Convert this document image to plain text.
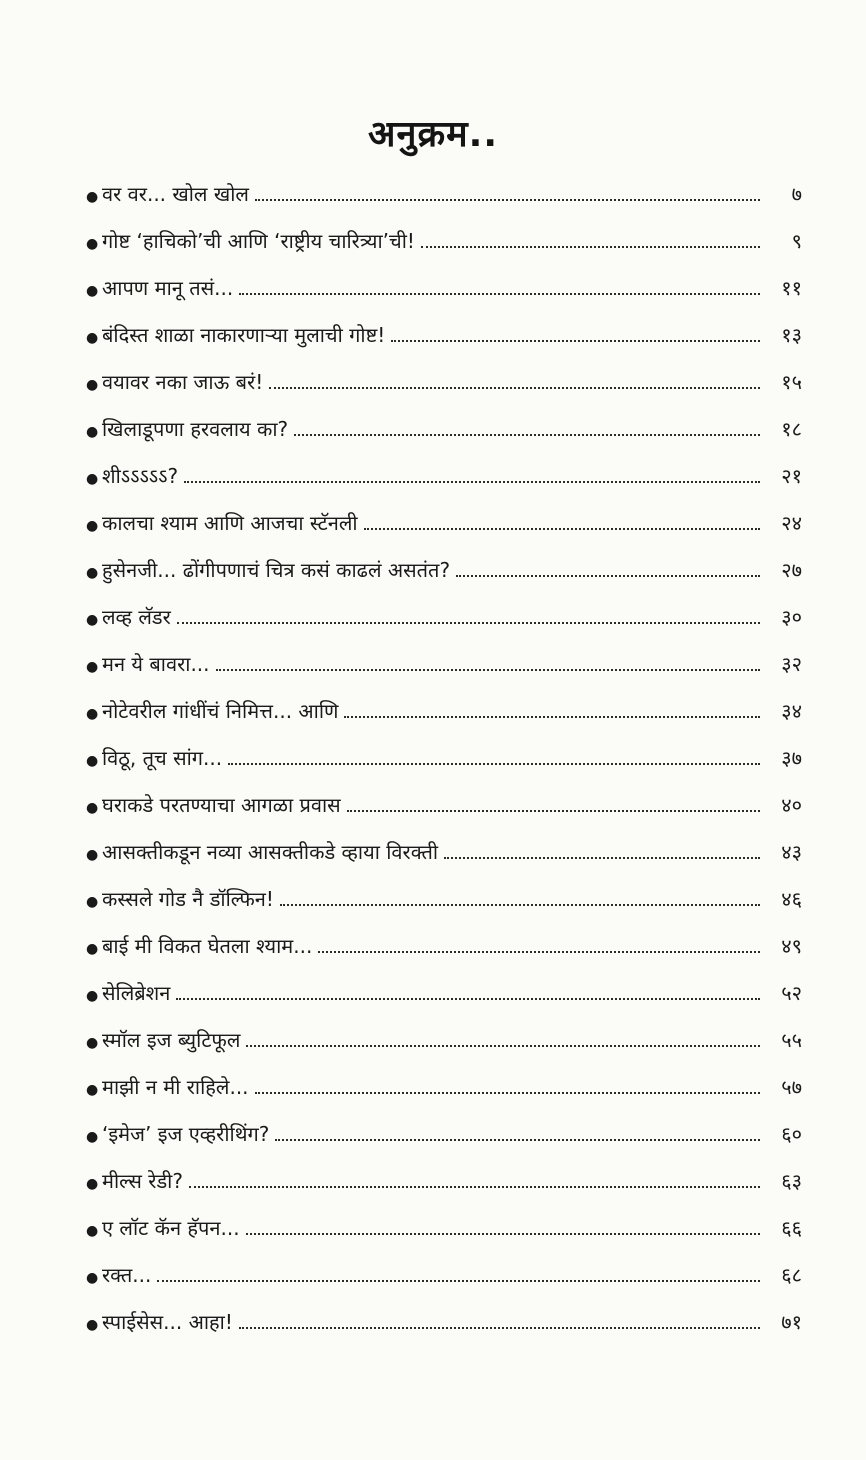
अनुक्रम..
● वर वर... खोल खोल	७
● गोष्ट ‘हाचिको’ची आणि ‘राष्ट्रीय चारित्र्या’ची!	९
● आपण मानू तसं...	११
● बंदिस्त शाळा नाकारणाऱ्या मुलाची गोष्ट!	१३
● वयावर नका जाऊ बरं!	१५
● खिलाडूपणा हरवलाय का?	१८
● शीऽऽऽऽऽ?	२१
● कालचा श्याम आणि आजचा स्टॅनली	२४
● हुसेनजी... ढोंगीपणाचं चित्र कसं काढलं असतंत?	२७
● लव्ह लॅडर	३०
● मन ये बावरा...	३२
● नोटेवरील गांधींचं निमित्त... आणि	३४
● विठू, तूच सांग...	३७
● घराकडे परतण्याचा आगळा प्रवास	४०
● आसक्तीकडून नव्या आसक्तीकडे व्हाया विरक्ती	४३
● कस्सले गोड नै डॉल्फिन!	४६
● बाई मी विकत घेतला श्याम...	४९
● सेलिब्रेशन	५२
● स्मॉल इज ब्युटिफूल	५५
● माझी न मी राहिले...	५७
● ‘इमेज’ इज एव्हरीथिंग?	६०
● मील्स रेडी?	६३
● ए लॉट कॅन हॅपन...	६६
● रक्त...	६८
● स्पाईसेस... आहा!	७१
